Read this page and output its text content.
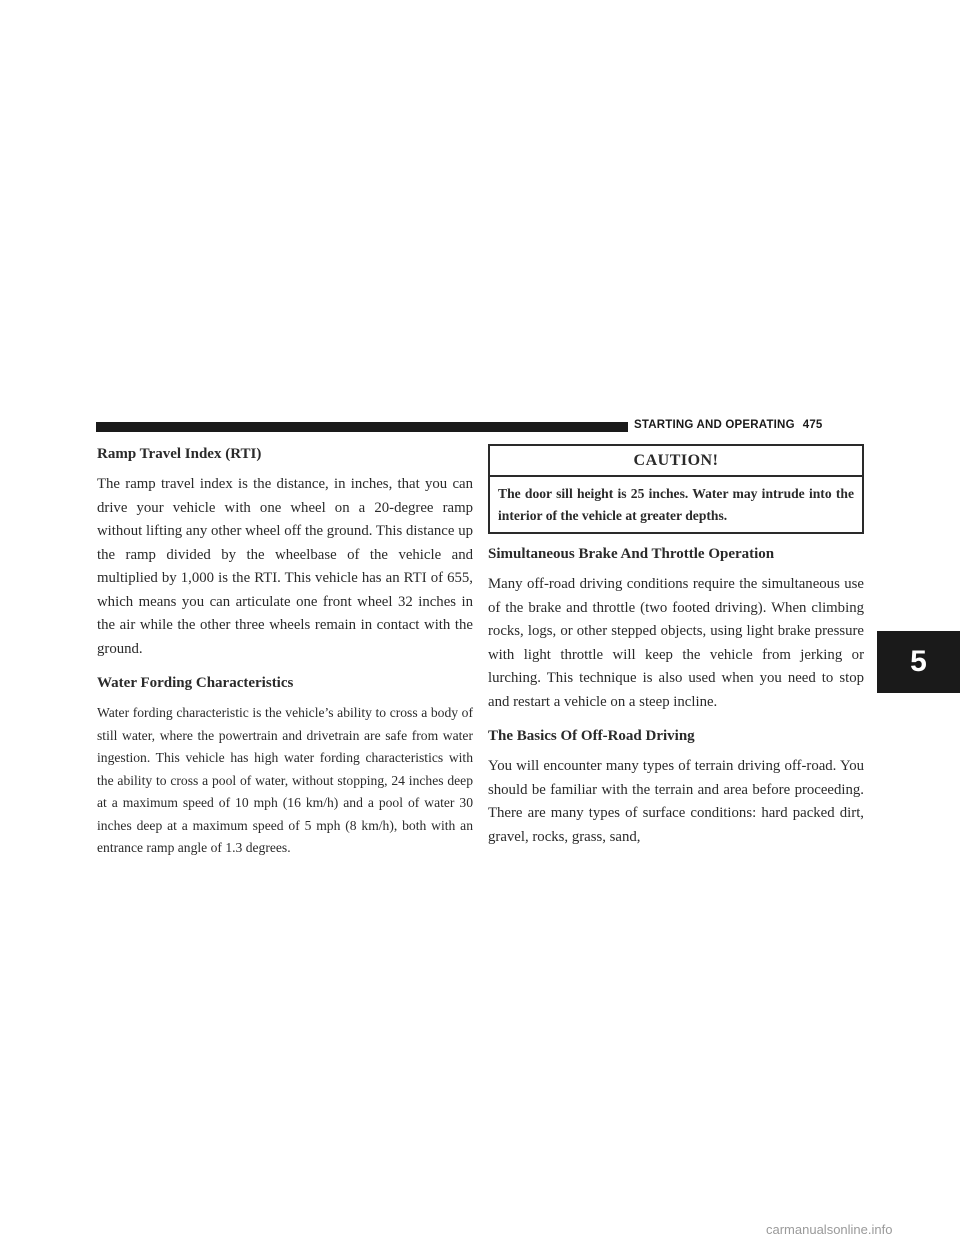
STARTING AND OPERATING 475
Ramp Travel Index (RTI)

The ramp travel index is the distance, in inches, that you can drive your vehicle with one wheel on a 20-degree ramp without lifting any other wheel off the ground. This distance up the ramp divided by the wheelbase of the vehicle and multiplied by 1,000 is the RTI. This vehicle has an RTI of 655, which means you can articulate one front wheel 32 inches in the air while the other three wheels remain in contact with the ground.

Water Fording Characteristics

Water fording characteristic is the vehicle’s ability to cross a body of still water, where the powertrain and drivetrain are safe from water ingestion. This vehicle has high water fording characteristics with the ability to cross a pool of water, without stopping, 24 inches deep at a maximum speed of 10 mph (16 km/h) and a pool of water 30 inches deep at a maximum speed of 5 mph (8 km/h), both with an entrance ramp angle of 1.3 degrees.

CAUTION!
The door sill height is 25 inches. Water may intrude into the interior of the vehicle at greater depths.
Simultaneous Brake And Throttle Operation

Many off-road driving conditions require the simultaneous use of the brake and throttle (two footed driving). When climbing rocks, logs, or other stepped objects, using light brake pressure with light throttle will keep the vehicle from jerking or lurching. This technique is also used when you need to stop and restart a vehicle on a steep incline.

The Basics Of Off-Road Driving

You will encounter many types of terrain driving off-road. You should be familiar with the terrain and area before proceeding. There are many types of surface conditions: hard packed dirt, gravel, rocks, grass, sand,

5
carmanualsonline.info
